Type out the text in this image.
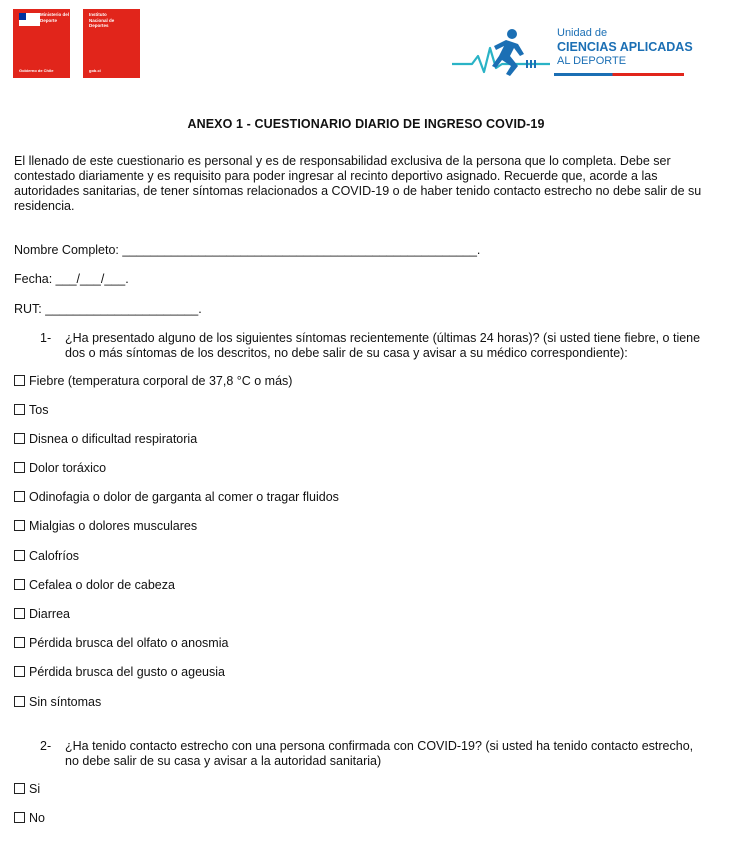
Ministerio del Deporte
Gobierno de Chile
Instituto Nacional de Deportes
gob.cl
Unidad de
CIENCIAS APLICADAS
AL DEPORTE
ANEXO 1 - CUESTIONARIO DIARIO DE INGRESO COVID-19
El llenado de este cuestionario es personal y es de responsabilidad exclusiva de la persona que lo completa. Debe ser contestado diariamente y es requisito para poder ingresar al recinto deportivo asignado. Recuerde que, acorde a las autoridades sanitarias, de tener síntomas relacionados a COVID-19 o de haber tenido contacto estrecho no debe salir de su residencia.
Nombre Completo: ___________________________________________________.
Fecha: ___/___/___.
RUT: ______________________.
1- ¿Ha presentado alguno de los siguientes síntomas recientemente (últimas 24 horas)? (si usted tiene fiebre, o tiene dos o más síntomas de los descritos, no debe salir de su casa y avisar a su médico correspondiente):
Fiebre (temperatura corporal de 37,8 °C o más)
Tos
Disnea o dificultad respiratoria
Dolor toráxico
Odinofagia o dolor de garganta al comer o tragar fluidos
Mialgias o dolores musculares
Calofríos
Cefalea o dolor de cabeza
Diarrea
Pérdida brusca del olfato o anosmia
Pérdida brusca del gusto o ageusia
Sin síntomas
2- ¿Ha tenido contacto estrecho con una persona confirmada con COVID-19? (si usted ha tenido contacto estrecho, no debe salir de su casa y avisar a la autoridad sanitaria)
Si
No
